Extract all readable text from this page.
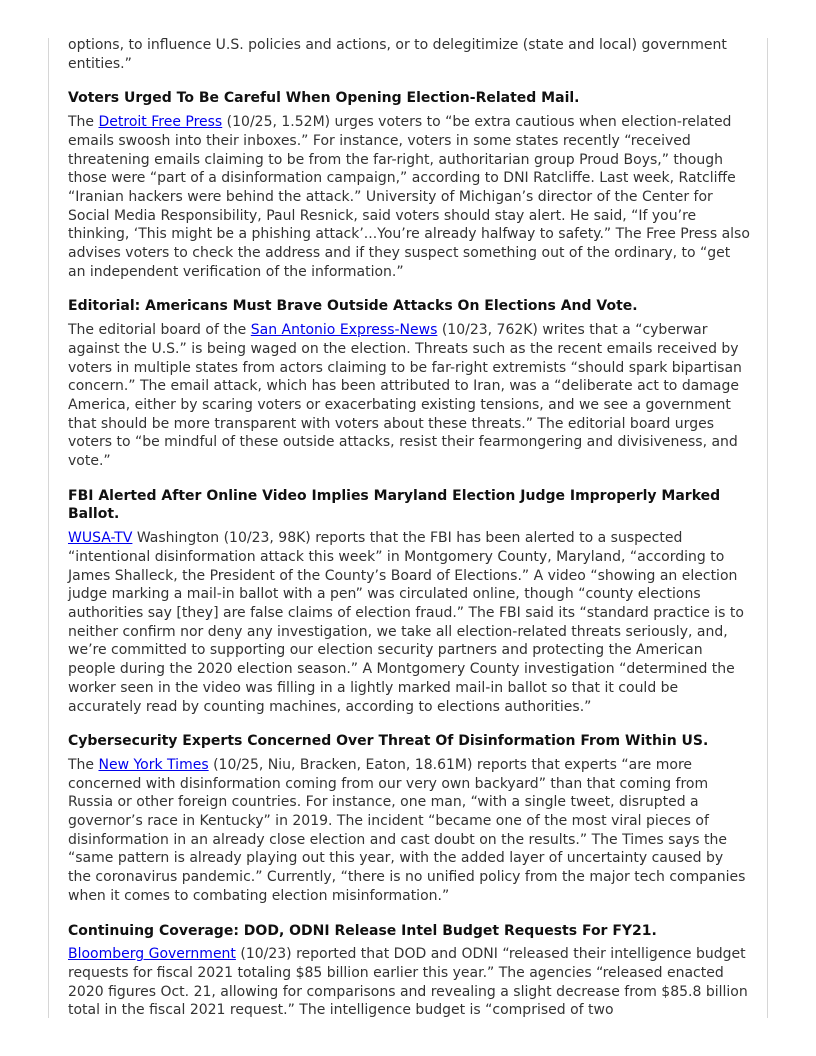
options, to influence U.S. policies and actions, or to delegitimize (state and local) government entities.”

Voters Urged To Be Careful When Opening Election-Related Mail.

The Detroit Free Press (10/25, 1.52M) urges voters to “be extra cautious when election-related emails swoosh into their inboxes.” For instance, voters in some states recently “received threatening emails claiming to be from the far-right, authoritarian group Proud Boys,” though those were “part of a disinformation campaign,” according to DNI Ratcliffe. Last week, Ratcliffe “Iranian hackers were behind the attack.” University of Michigan’s director of the Center for Social Media Responsibility, Paul Resnick, said voters should stay alert. He said, “If you’re thinking, ‘This might be a phishing attack’...You’re already halfway to safety.” The Free Press also advises voters to check the address and if they suspect something out of the ordinary, to “get an independent verification of the information.”

Editorial: Americans Must Brave Outside Attacks On Elections And Vote.

The editorial board of the San Antonio Express-News (10/23, 762K) writes that a “cyberwar against the U.S.” is being waged on the election. Threats such as the recent emails received by voters in multiple states from actors claiming to be far-right extremists “should spark bipartisan concern.” The email attack, which has been attributed to Iran, was a “deliberate act to damage America, either by scaring voters or exacerbating existing tensions, and we see a government that should be more transparent with voters about these threats.” The editorial board urges voters to “be mindful of these outside attacks, resist their fearmongering and divisiveness, and vote.”

FBI Alerted After Online Video Implies Maryland Election Judge Improperly Marked Ballot.

WUSA-TV Washington (10/23, 98K) reports that the FBI has been alerted to a suspected “intentional disinformation attack this week” in Montgomery County, Maryland, “according to James Shalleck, the President of the County’s Board of Elections.” A video “showing an election judge marking a mail-in ballot with a pen” was circulated online, though “county elections authorities say [they] are false claims of election fraud.” The FBI said its “standard practice is to neither confirm nor deny any investigation, we take all election-related threats seriously, and, we’re committed to supporting our election security partners and protecting the American people during the 2020 election season.” A Montgomery County investigation “determined the worker seen in the video was filling in a lightly marked mail-in ballot so that it could be accurately read by counting machines, according to elections authorities.”

Cybersecurity Experts Concerned Over Threat Of Disinformation From Within US.

The New York Times (10/25, Niu, Bracken, Eaton, 18.61M) reports that experts “are more concerned with disinformation coming from our very own backyard” than that coming from Russia or other foreign countries. For instance, one man, “with a single tweet, disrupted a governor’s race in Kentucky” in 2019. The incident “became one of the most viral pieces of disinformation in an already close election and cast doubt on the results.” The Times says the “same pattern is already playing out this year, with the added layer of uncertainty caused by the coronavirus pandemic.” Currently, “there is no unified policy from the major tech companies when it comes to combating election misinformation.”

Continuing Coverage: DOD, ODNI Release Intel Budget Requests For FY21.

Bloomberg Government (10/23) reported that DOD and ODNI “released their intelligence budget requests for fiscal 2021 totaling $85 billion earlier this year.” The agencies “released enacted 2020 figures Oct. 21, allowing for comparisons and revealing a slight decrease from $85.8 billion total in the fiscal 2021 request.” The intelligence budget is “comprised of two
